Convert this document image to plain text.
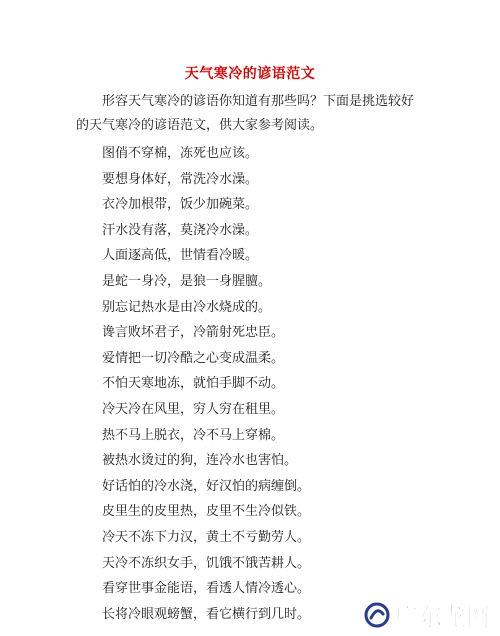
天气寒冷的谚语范文

形容天气寒冷的谚语你知道有那些吗？下面是挑选较好的天气寒冷的谚语范文，供大家参考阅读。

图俏不穿棉，冻死也应该。
要想身体好，常洗冷水澡。
衣冷加根带，饭少加碗菜。
汗水没有落，莫浇冷水澡。
人面逐高低，世情看冷暖。
是蛇一身冷，是狼一身腥膻。
别忘记热水是由冷水烧成的。
谗言败坏君子，冷箭射死忠臣。
爱情把一切冷酷之心变成温柔。
不怕天寒地冻，就怕手脚不动。
冷天冷在风里，穷人穷在租里。
热不马上脱衣，冷不马上穿棉。
被热水烫过的狗，连冷水也害怕。
好话怕的冷水浇，好汉怕的病缠倒。
皮里生的皮里热，皮里不生冷似铁。
冷天不冻下力汉，黄土不亏勤劳人。
天冷不冻织女手，饥饿不饿苦耕人。
看穿世事金能语，看透人情冷透心。
长将冷眼观螃蟹，看它横行到几时。	广东龙网
